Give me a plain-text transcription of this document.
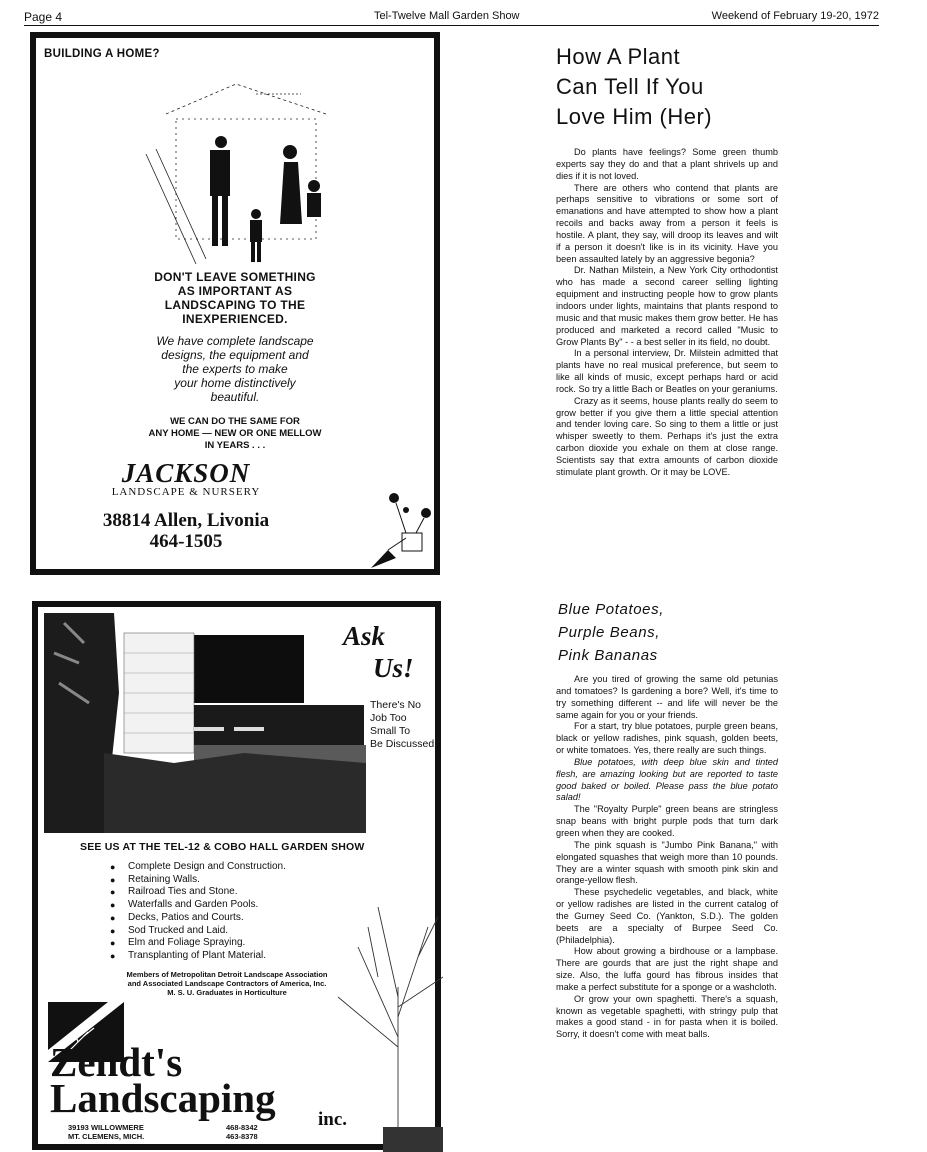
Page 4	Tel-Twelve Mall Garden Show	Weekend of February 19-20, 1972
BUILDING A HOME?
DON'T LEAVE SOMETHING
AS IMPORTANT AS
LANDSCAPING TO THE
INEXPERIENCED.
We have complete landscape
designs, the equipment and
the experts to make
your home distinctively
beautiful.
WE CAN DO THE SAME FOR
ANY HOME — NEW OR ONE MELLOW
IN YEARS . . .
JACKSON
LANDSCAPE & NURSERY
38814 Allen, Livonia
464-1505
Ask
Us!
There's No
Job Too
Small To
Be Discussed
SEE US AT THE TEL-12 & COBO HALL GARDEN SHOW
● Complete Design and Construction.
● Retaining Walls.
● Railroad Ties and Stone.
● Waterfalls and Garden Pools.
● Decks, Patios and Courts.
● Sod Trucked and Laid.
● Elm and Foliage Spraying.
● Transplanting of Plant Material.
Members of Metropolitan Detroit Landscape Association
and Associated Landscape Contractors of America, Inc.
M. S. U. Graduates in Horticulture
Zendt's
Landscaping inc.
39193 WILLOWMERE
MT. CLEMENS, MICH.
468-8342
463-8378
How A Plant
Can Tell If You
Love Him (Her)

Do plants have feelings? Some green thumb experts say they do and that a plant shrivels up and dies if it is not loved.

There are others who contend that plants are perhaps sensitive to vibrations or some sort of emanations and have attempted to show how a plant recoils and backs away from a person it feels is hostile. A plant, they say, will droop its leaves and wilt if a person it doesn't like is in its vicinity. Have you been assaulted lately by an aggressive begonia?

Dr. Nathan Milstein, a New York City orthodontist who has made a second career selling lighting equipment and instructing people how to grow plants indoors under lights, maintains that plants respond to music and that music makes them grow better. He has produced and marketed a record called "Music to Grow Plants By" - - a best seller in its field, no doubt.

In a personal interview, Dr. Milstein admitted that plants have no real musical preference, but seem to like all kinds of music, except perhaps hard or acid rock. So try a little Bach or Beatles on your geraniums.

Crazy as it seems, house plants really do seem to grow better if you give them a little special attention and tender loving care. So sing to them a little or just whisper sweetly to them. Perhaps it's just the extra carbon dioxide you exhale on them at close range. Scientists say that extra amounts of carbon dioxide stimulate plant growth. Or it may be LOVE.

Blue Potatoes,
Purple Beans,
Pink Bananas

Are you tired of growing the same old petunias and tomatoes? Is gardening a bore? Well, it's time to try something different -- and life will never be the same again for you or your friends.

For a start, try blue potatoes, purple green beans, black or yellow radishes, pink squash, golden beets, or white tomatoes. Yes, there really are such things.

Blue potatoes, with deep blue skin and tinted flesh, are amazing looking but are reported to taste good baked or boiled. Please pass the blue potato salad!

The "Royalty Purple" green beans are stringless snap beans with bright purple pods that turn dark green when they are cooked.

The pink squash is "Jumbo Pink Banana," with elongated squashes that weigh more than 10 pounds. They are a winter squash with smooth pink skin and orange-yellow flesh.

These psychedelic vegetables, and black, white or yellow radishes are listed in the current catalog of the Gurney Seed Co. (Yankton, S.D.). The golden beets are a specialty of Burpee Seed Co. (Philadelphia).

How about growing a birdhouse or a lampbase. There are gourds that are just the right shape and size. Also, the luffa gourd has fibrous insides that make a perfect substitute for a sponge or a washcloth.

Or grow your own spaghetti. There's a squash, known as vegetable spaghetti, with stringy pulp that makes a good stand - in for pasta when it is boiled. Sorry, it doesn't come with meat balls.
